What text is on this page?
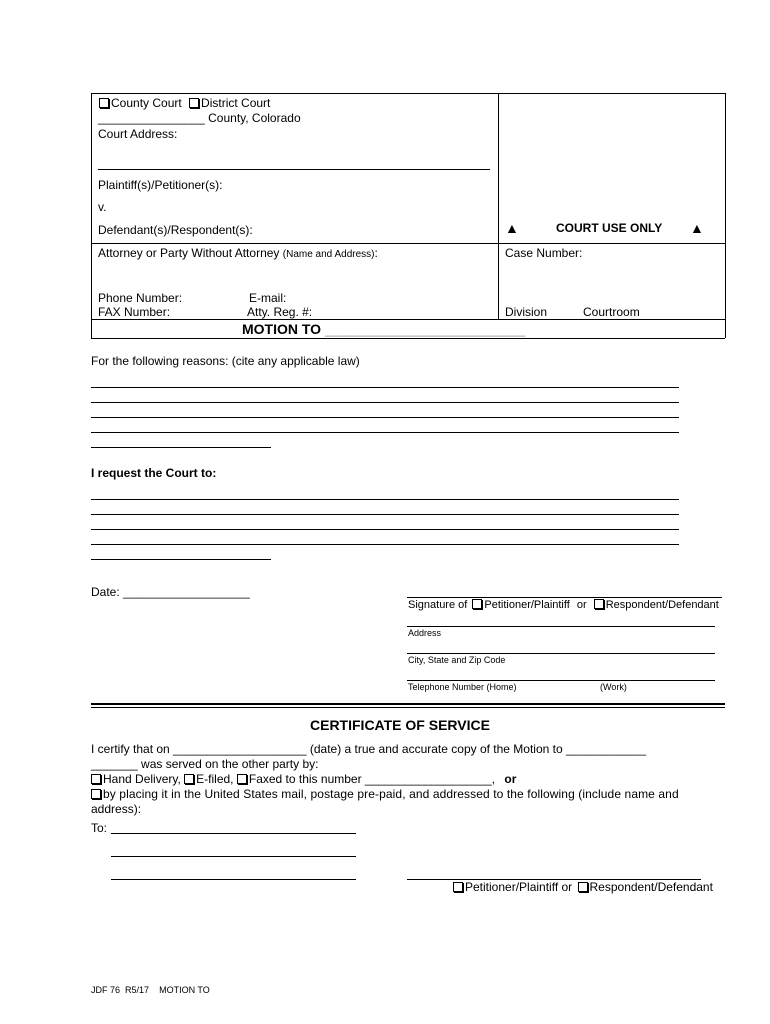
County Court District Court
________________ County, Colorado
Court Address:
Plaintiff(s)/Petitioner(s):
v.
Defendant(s)/Respondent(s):	▲	COURT USE ONLY ▲
Attorney or Party Without Attorney (Name and Address):	Case Number:
Phone Number:	E-mail:
FAX Number:	Atty. Reg. #:	Division	Courtroom
MOTION TO ______________________________
For the following reasons: (cite any applicable law)
I request the Court to:
Date: ___________________
Signature of Petitioner/Plaintiff or Respondent/Defendant
Address
City, State and Zip Code
Telephone Number (Home)	(Work)
CERTIFICATE OF SERVICE
I certify that on ____________________ (date) a true and accurate copy of the Motion to ____________
_______ was served on the other party by:
Hand Delivery, E-filed, Faxed to this number ___________________, or
by placing it in the United States mail, postage pre-paid, and addressed to the following (include name and
address):
To:
Petitioner/Plaintiff or Respondent/Defendant
JDF 76 R5/17 MOTION TO
